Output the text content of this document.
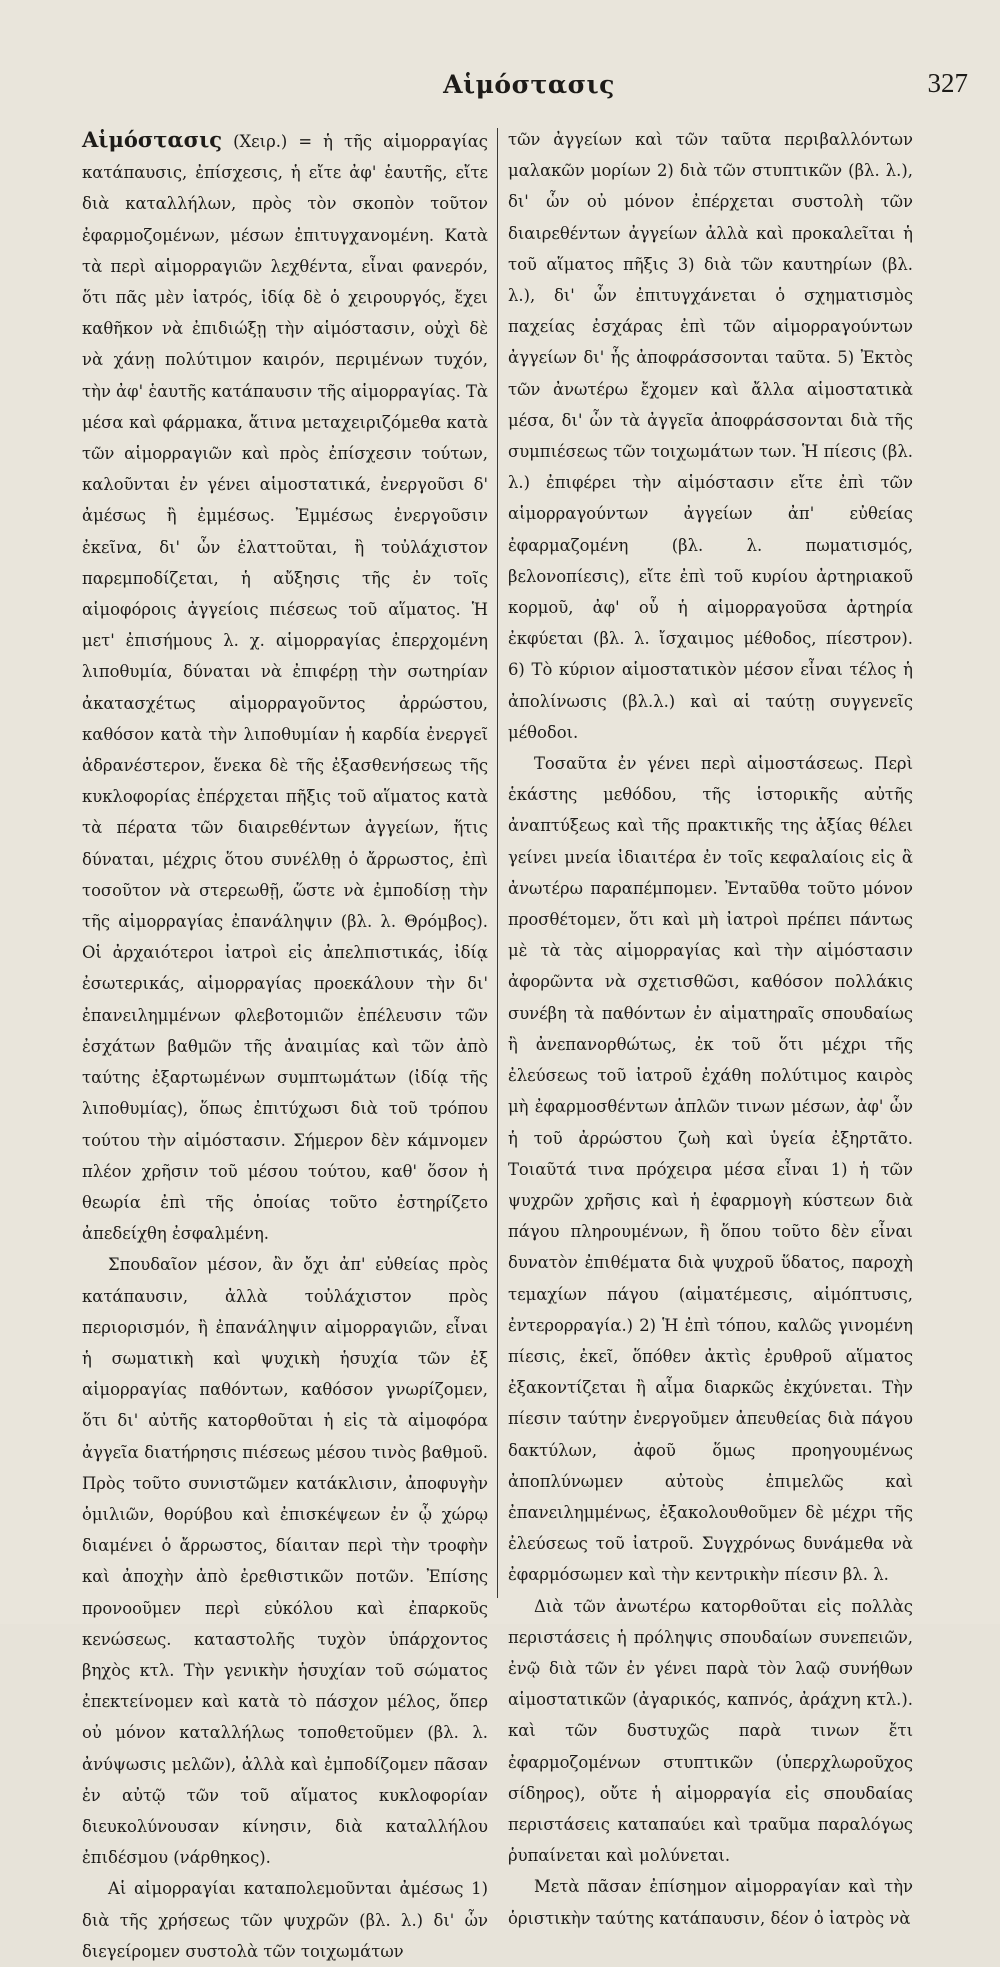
Αἱμόστασις	327

Αἱμόστασις (Χειρ.) = ἡ τῆς αἱμορραγίας κατάπαυσις, ἐπίσχεσις, ἡ εἴτε ἀφ' ἑαυτῆς, εἴτε διὰ καταλλήλων, πρὸς τὸν σκοπὸν τοῦτον ἐφαρμοζομένων, μέσων ἐπιτυγχανομένη. Κατὰ τὰ περὶ αἱμορραγιῶν λεχθέντα, εἶναι φανερόν, ὅτι πᾶς μὲν ἰατρός, ἰδίᾳ δὲ ὁ χειρουργός, ἔχει καθῆκον νὰ ἐπιδιώξῃ τὴν αἱμόστασιν, οὐχὶ δὲ νὰ χάνῃ πολύτιμον καιρόν, περιμένων τυχόν, τὴν ἀφ' ἑαυτῆς κατάπαυσιν τῆς αἱμορραγίας. Τὰ μέσα καὶ φάρμακα, ἅτινα μεταχειριζόμεθα κατὰ τῶν αἱμορραγιῶν καὶ πρὸς ἐπίσχεσιν τούτων, καλοῦνται ἐν γένει αἱμοστατικά, ἐνεργοῦσι δ' ἀμέσως ἢ ἐμμέσως. Ἐμμέσως ἐνεργοῦσιν ἐκεῖνα, δι' ὧν ἐλαττοῦται, ἢ τοὐλάχιστον παρεμποδίζεται, ἡ αὔξησις τῆς ἐν τοῖς αἱμοφόροις ἀγγείοις πιέσεως τοῦ αἵματος. Ἡ μετ' ἐπισήμους λ. χ. αἱμορραγίας ἐπερχομένη λιποθυμία, δύναται νὰ ἐπιφέρῃ τὴν σωτηρίαν ἀκατασχέτως αἱμορραγοῦντος ἀρρώστου, καθόσον κατὰ τὴν λιποθυμίαν ἡ καρδία ἐνεργεῖ ἀδρανέστερον, ἕνεκα δὲ τῆς ἐξασθενήσεως τῆς κυκλοφορίας ἐπέρχεται πῆξις τοῦ αἵματος κατὰ τὰ πέρατα τῶν διαιρεθέντων ἀγγείων, ἥτις δύναται, μέχρις ὅτου συνέλθῃ ὁ ἄρρωστος, ἐπὶ τοσοῦτον νὰ στερεωθῇ, ὥστε νὰ ἐμποδίσῃ τὴν τῆς αἱμορραγίας ἐπανάληψιν (βλ. λ. Θρόμβος). Οἱ ἀρχαιότεροι ἰατροὶ εἰς ἀπελπιστικάς, ἰδίᾳ ἐσωτερικάς, αἱμορραγίας προεκάλουν τὴν δι' ἐπανειλημμένων φλεβοτομιῶν ἐπέλευσιν τῶν ἐσχάτων βαθμῶν τῆς ἀναιμίας καὶ τῶν ἀπὸ ταύτης ἐξαρτωμένων συμπτωμάτων (ἰδίᾳ τῆς λιποθυμίας), ὅπως ἐπιτύχωσι διὰ τοῦ τρόπου τούτου τὴν αἱμόστασιν. Σήμερον δὲν κάμνομεν πλέον χρῆσιν τοῦ μέσου τούτου, καθ' ὅσον ἡ θεωρία ἐπὶ τῆς ὁποίας τοῦτο ἐστηρίζετο ἀπεδείχθη ἐσφαλμένη.

Σπουδαῖον μέσον, ἂν ὄχι ἀπ' εὐθείας πρὸς κατάπαυσιν, ἀλλὰ τοὐλάχιστον πρὸς περιορισμόν, ἢ ἐπανάληψιν αἱμορραγιῶν, εἶναι ἡ σωματικὴ καὶ ψυχικὴ ἡσυχία τῶν ἐξ αἱμορραγίας παθόντων, καθόσον γνωρίζομεν, ὅτι δι' αὐτῆς κατορθοῦται ἡ εἰς τὰ αἱμοφόρα ἀγγεῖα διατήρησις πιέσεως μέσου τινὸς βαθμοῦ. Πρὸς τοῦτο συνιστῶμεν κατάκλισιν, ἀποφυγὴν ὁμιλιῶν, θορύβου καὶ ἐπισκέψεων ἐν ᾧ χώρῳ διαμένει ὁ ἄρρωστος, δίαιταν περὶ τὴν τροφὴν καὶ ἀποχὴν ἀπὸ ἐρεθιστικῶν ποτῶν. Ἐπίσης προνοοῦμεν περὶ εὐκόλου καὶ ἐπαρκοῦς κενώσεως. καταστολῆς τυχὸν ὑπάρχοντος βηχὸς κτλ. Τὴν γενικὴν ἡσυχίαν τοῦ σώματος ἐπεκτείνομεν καὶ κατὰ τὸ πάσχον μέλος, ὅπερ οὐ μόνον καταλλήλως τοποθετοῦμεν (βλ. λ. ἀνύψωσις μελῶν), ἀλλὰ καὶ ἐμποδίζομεν πᾶσαν ἐν αὐτῷ τῶν τοῦ αἵματος κυκλοφορίαν διευκολύνουσαν κίνησιν, διὰ καταλλήλου ἐπιδέσμου (νάρθηκος).

Αἱ αἱμορραγίαι καταπολεμοῦνται ἀμέσως 1) διὰ τῆς χρήσεως τῶν ψυχρῶν (βλ. λ.) δι' ὧν διεγείρομεν συστολὰ τῶν τοιχωμάτων

τῶν ἀγγείων καὶ τῶν ταῦτα περιβαλλόντων μαλακῶν μορίων 2) διὰ τῶν στυπτικῶν (βλ. λ.), δι' ὧν οὐ μόνον ἐπέρχεται συστολὴ τῶν διαιρεθέντων ἀγγείων ἀλλὰ καὶ προκαλεῖται ἡ τοῦ αἵματος πῆξις 3) διὰ τῶν καυτηρίων (βλ. λ.), δι' ὧν ἐπιτυγχάνεται ὁ σχηματισμὸς παχείας ἐσχάρας ἐπὶ τῶν αἱμορραγούντων ἀγγείων δι' ἧς ἀποφράσσονται ταῦτα. 5) Ἐκτὸς τῶν ἀνωτέρω ἔχομεν καὶ ἄλλα αἱμοστατικὰ μέσα, δι' ὧν τὰ ἀγγεῖα ἀποφράσσονται διὰ τῆς συμπιέσεως τῶν τοιχωμάτων των. Ἡ πίεσις (βλ. λ.) ἐπιφέρει τὴν αἱμόστασιν εἴτε ἐπὶ τῶν αἱμορραγούντων ἀγγείων ἀπ' εὐθείας ἐφαρμαζομένη (βλ. λ. πωματισμός, βελονοπίεσις), εἴτε ἐπὶ τοῦ κυρίου ἀρτηριακοῦ κορμοῦ, ἀφ' οὗ ἡ αἱμορραγοῦσα ἀρτηρία ἐκφύεται (βλ. λ. ἴσχαιμος μέθοδος, πίεστρον). 6) Τὸ κύριον αἱμοστατικὸν μέσον εἶναι τέλος ἡ ἀπολίνωσις (βλ.λ.) καὶ αἱ ταύτῃ συγγενεῖς μέθοδοι.

Τοσαῦτα ἐν γένει περὶ αἱμοστάσεως. Περὶ ἑκάστης μεθόδου, τῆς ἱστορικῆς αὐτῆς ἀναπτύξεως καὶ τῆς πρακτικῆς της ἀξίας θέλει γείνει μνεία ἰδιαιτέρα ἐν τοῖς κεφαλαίοις εἰς ἃ ἀνωτέρω παραπέμπομεν. Ἐνταῦθα τοῦτο μόνον προσθέτομεν, ὅτι καὶ μὴ ἰατροὶ πρέπει πάντως μὲ τὰ τὰς αἱμορραγίας καὶ τὴν αἱμόστασιν ἀφορῶντα νὰ σχετισθῶσι, καθόσον πολλάκις συνέβη τὰ παθόντων ἐν αἱματηραῖς σπουδαίως ἢ ἀνεπανορθώτως, ἐκ τοῦ ὅτι μέχρι τῆς ἐλεύσεως τοῦ ἰατροῦ ἐχάθη πολύτιμος καιρὸς μὴ ἐφαρμοσθέντων ἁπλῶν τινων μέσων, ἀφ' ὧν ἡ τοῦ ἀρρώστου ζωὴ καὶ ὑγεία ἐξηρτᾶτο. Τοιαῦτά τινα πρόχειρα μέσα εἶναι 1) ἡ τῶν ψυχρῶν χρῆσις καὶ ἡ ἐφαρμογὴ κύστεων διὰ πάγου πληρουμένων, ἢ ὅπου τοῦτο δὲν εἶναι δυνατὸν ἐπιθέματα διὰ ψυχροῦ ὕδατος, παροχὴ τεμαχίων πάγου (αἱματέμεσις, αἱμόπτυσις, ἐντερορραγία.) 2) Ἡ ἐπὶ τόπου, καλῶς γινομένη πίεσις, ἐκεῖ, ὅπόθεν ἀκτὶς ἐρυθροῦ αἵματος ἐξακοντίζεται ἢ αἷμα διαρκῶς ἐκχύνεται. Τὴν πίεσιν ταύτην ἐνεργοῦμεν ἀπευθείας διὰ πάγου δακτύλων, ἀφοῦ ὅμως προηγουμένως ἀποπλύνωμεν αὐτοὺς ἐπιμελῶς καὶ ἐπανειλημμένως, ἐξακολουθοῦμεν δὲ μέχρι τῆς ἐλεύσεως τοῦ ἰατροῦ. Συγχρόνως δυνάμεθα νὰ ἐφαρμόσωμεν καὶ τὴν κεντρικὴν πίεσιν βλ. λ.

Διὰ τῶν ἀνωτέρω κατορθοῦται εἰς πολλὰς περιστάσεις ἡ πρόληψις σπουδαίων συνεπειῶν, ἐνῷ διὰ τῶν ἐν γένει παρὰ τὸν λαῷ συνήθων αἱμοστατικῶν (ἀγαρικός, καπνός, ἀράχνη κτλ.). καὶ τῶν δυστυχῶς παρὰ τινων ἔτι ἐφαρμοζομένων στυπτικῶν (ὑπερχλωροῦχος σίδηρος), οὔτε ἡ αἱμορραγία εἰς σπουδαίας περιστάσεις καταπαύει καὶ τραῦμα παραλόγως ῥυπαίνεται καὶ μολύνεται.

Μετὰ πᾶσαν ἐπίσημον αἱμορραγίαν καὶ τὴν ὁριστικὴν ταύτης κατάπαυσιν, δέον ὁ ἰατρὸς νὰ
